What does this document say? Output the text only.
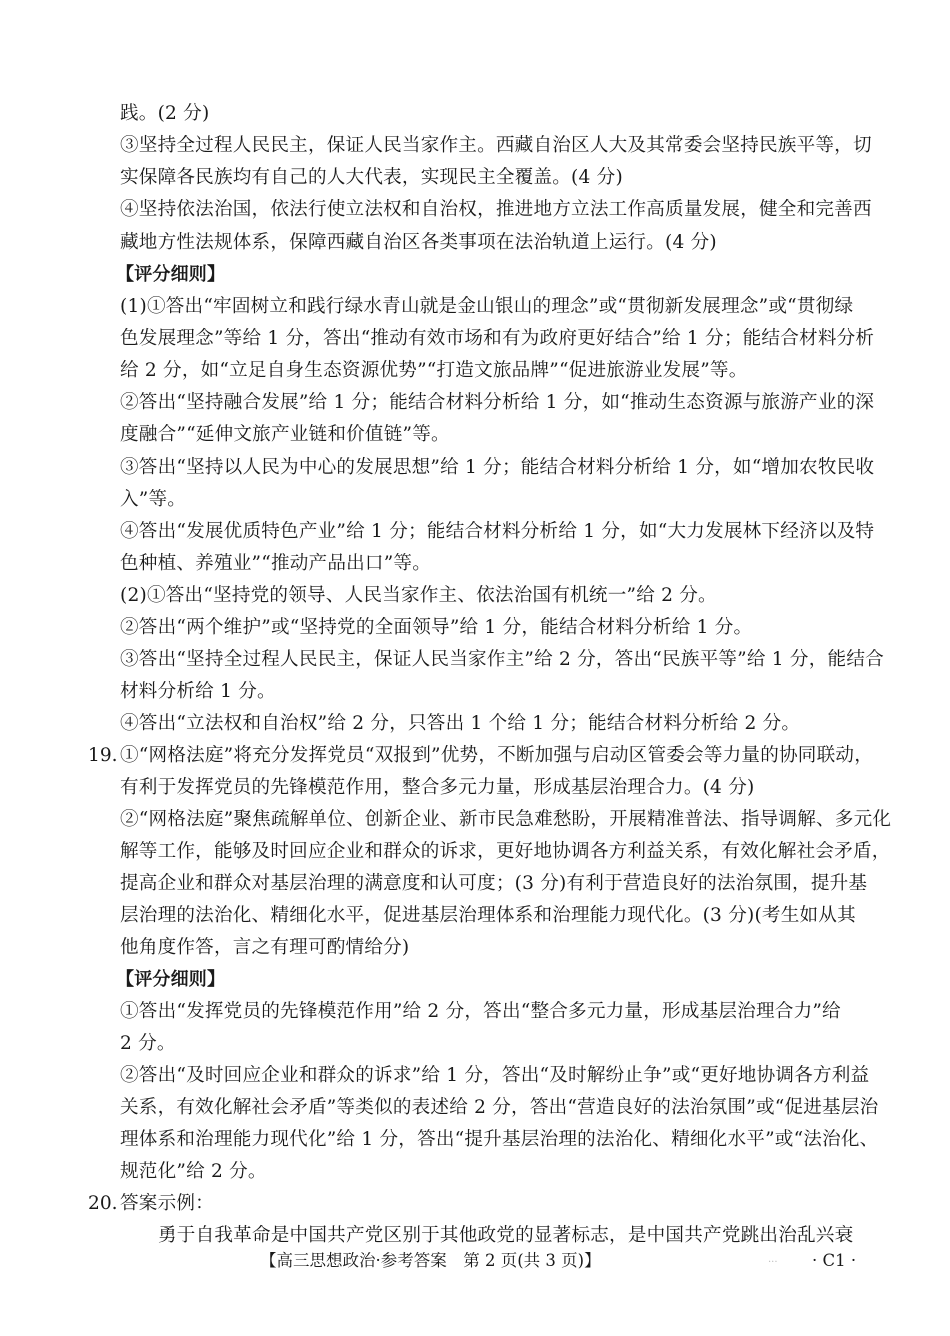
践。(2 分)
③坚持全过程人民民主，保证人民当家作主。西藏自治区人大及其常委会坚持民族平等，切
实保障各民族均有自己的人大代表，实现民主全覆盖。(4 分)
④坚持依法治国，依法行使立法权和自治权，推进地方立法工作高质量发展，健全和完善西
藏地方性法规体系，保障西藏自治区各类事项在法治轨道上运行。(4 分)
【评分细则】
(1)①答出“牢固树立和践行绿水青山就是金山银山的理念”或“贯彻新发展理念”或“贯彻绿
色发展理念”等给 1 分，答出“推动有效市场和有为政府更好结合”给 1 分；能结合材料分析
给 2 分，如“立足自身生态资源优势”“打造文旅品牌”“促进旅游业发展”等。
②答出“坚持融合发展”给 1 分；能结合材料分析给 1 分，如“推动生态资源与旅游产业的深
度融合”“延伸文旅产业链和价值链”等。
③答出“坚持以人民为中心的发展思想”给 1 分；能结合材料分析给 1 分，如“增加农牧民收
入”等。
④答出“发展优质特色产业”给 1 分；能结合材料分析给 1 分，如“大力发展林下经济以及特
色种植、养殖业”“推动产品出口”等。
(2)①答出“坚持党的领导、人民当家作主、依法治国有机统一”给 2 分。
②答出“两个维护”或“坚持党的全面领导”给 1 分，能结合材料分析给 1 分。
③答出“坚持全过程人民民主，保证人民当家作主”给 2 分，答出“民族平等”给 1 分，能结合
材料分析给 1 分。
④答出“立法权和自治权”给 2 分，只答出 1 个给 1 分；能结合材料分析给 2 分。
19. ①“网格法庭”将充分发挥党员“双报到”优势，不断加强与启动区管委会等力量的协同联动，
有利于发挥党员的先锋模范作用，整合多元力量，形成基层治理合力。(4 分)
②“网格法庭”聚焦疏解单位、创新企业、新市民急难愁盼，开展精准普法、指导调解、多元化
解等工作，能够及时回应企业和群众的诉求，更好地协调各方利益关系，有效化解社会矛盾，
提高企业和群众对基层治理的满意度和认可度；(3 分)有利于营造良好的法治氛围，提升基
层治理的法治化、精细化水平，促进基层治理体系和治理能力现代化。(3 分)(考生如从其
他角度作答，言之有理可酌情给分)
【评分细则】
①答出“发挥党员的先锋模范作用”给 2 分，答出“整合多元力量，形成基层治理合力”给
2 分。
②答出“及时回应企业和群众的诉求”给 1 分，答出“及时解纷止争”或“更好地协调各方利益
关系，有效化解社会矛盾”等类似的表述给 2 分，答出“营造良好的法治氛围”或“促进基层治
理体系和治理能力现代化”给 1 分，答出“提升基层治理的法治化、精细化水平”或“法治化、
规范化”给 2 分。
20. 答案示例：
勇于自我革命是中国共产党区别于其他政党的显著标志，是中国共产党跳出治乱兴衰
【高三思想政治·参考答案　第 2 页(共 3 页)】	... · C1 ·
